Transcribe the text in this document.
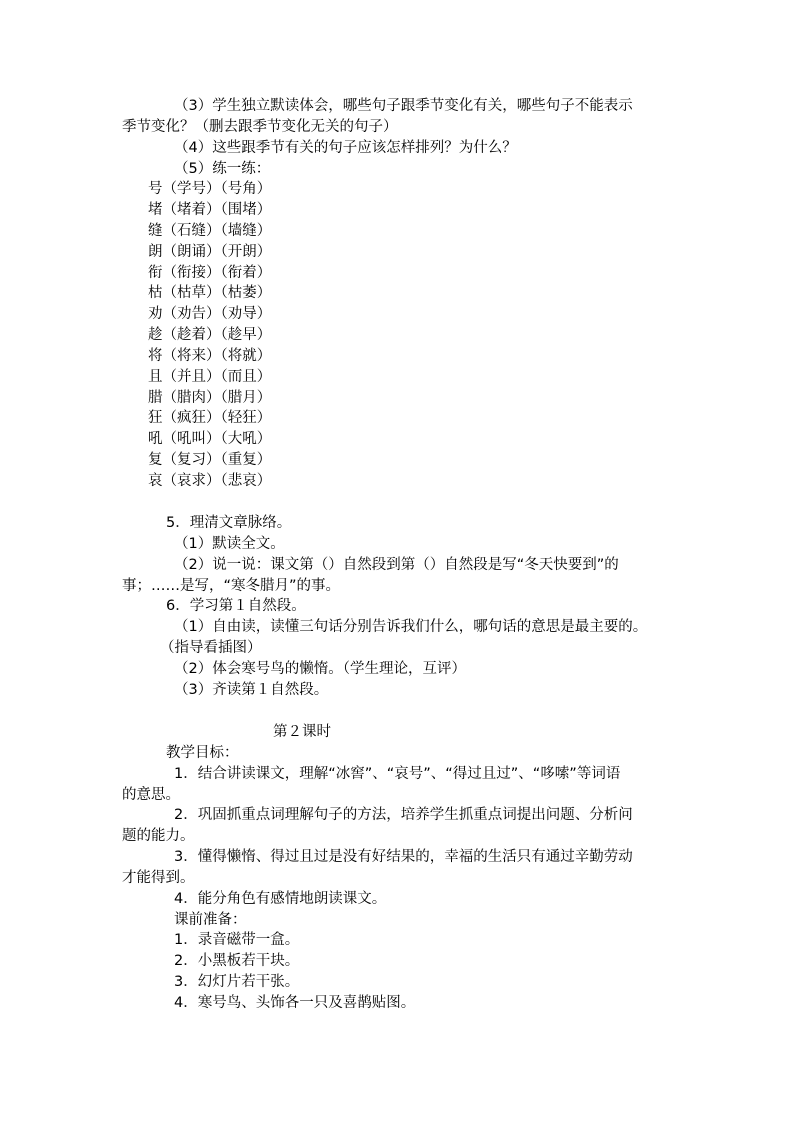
（3）学生独立默读体会，哪些句子跟季节变化有关，哪些句子不能表示
季节变化？（删去跟季节变化无关的句子）
（4）这些跟季节有关的句子应该怎样排列？为什么？
（5）练一练：
号（学号）（号角）
堵（堵着）（围堵）
缝（石缝）（墙缝）
朗（朗诵）（开朗）
衔（衔接）（衔着）
枯（枯草）（枯萎）
劝（劝告）（劝导）
趁（趁着）（趁早）
将（将来）（将就）
且（并且）（而且）
腊（腊肉）（腊月）
狂（疯狂）（轻狂）
吼（吼叫）（大吼）
复（复习）（重复）
哀（哀求）（悲哀）
5．理清文章脉络。
（1）默读全文。
（2）说一说：课文第（）自然段到第（）自然段是写“冬天快要到”的
事；……是写，“寒冬腊月”的事。
6．学习第１自然段。
（1）自由读，读懂三句话分别告诉我们什么，哪句话的意思是最主要的。
（指导看插图）
（2）体会寒号鸟的懒惰。（学生理论，互评）
（3）齐读第１自然段。
第２课时
教学目标：
1．结合讲读课文，理解“冰窖”、“哀号”、“得过且过”、“哆嗦”等词语
的意思。
2．巩固抓重点词理解句子的方法，培养学生抓重点词提出问题、分析问
题的能力。
3．懂得懒惰、得过且过是没有好结果的，幸福的生活只有通过辛勤劳动
才能得到。
4．能分角色有感情地朗读课文。
课前准备：
1．录音磁带一盒。
2．小黑板若干块。
3．幻灯片若干张。
4．寒号鸟、头饰各一只及喜鹊贴图。
